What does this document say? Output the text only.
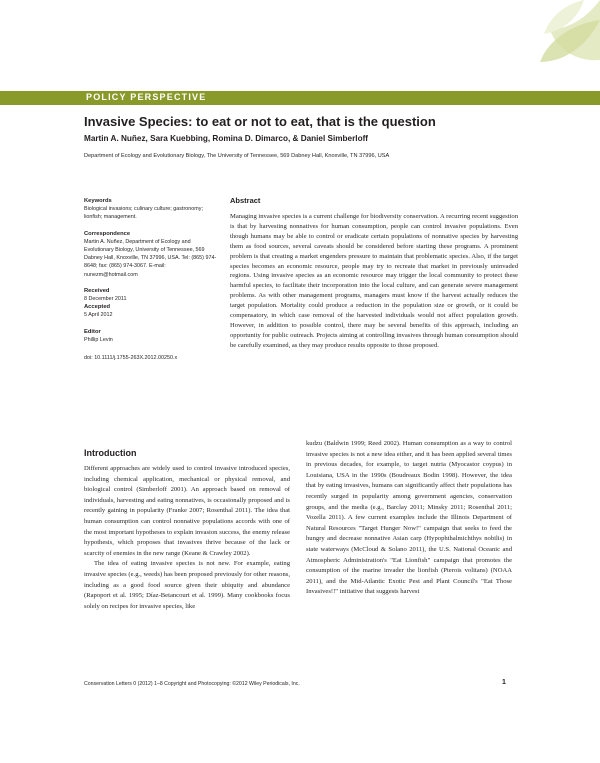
POLICY PERSPECTIVE
Invasive Species: to eat or not to eat, that is the question
Martin A. Nuñez, Sara Kuebbing, Romina D. Dimarco, & Daniel Simberloff
Department of Ecology and Evolutionary Biology, The University of Tennessee, 569 Dabney Hall, Knoxville, TN 37996, USA
Keywords
Biological invasions; culinary culture; gastronomy; lionfish; management.
Correspondence
Martin A. Nuñez, Department of Ecology and Evolutionary Biology, University of Tennessee, 569 Dabney Hall, Knoxville, TN 37996, USA. Tel: (865) 974-8648; fax: (865) 974-3067. E-mail: nunezm@hotmail.com
Received
8 December 2011
Accepted
5 April 2012
Editor
Phillip Levin
doi: 10.1111/j.1755-263X.2012.00250.x
Abstract

Managing invasive species is a current challenge for biodiversity conservation. A recurring recent suggestion is that by harvesting nonnatives for human consumption, people can control invasive populations. Even though humans may be able to control or eradicate certain populations of nonnative species by harvesting them as food sources, several caveats should be considered before starting these programs. A prominent problem is that creating a market engenders pressure to maintain that problematic species. Also, if the target species becomes an economic resource, people may try to recreate that market in previously uninvaded regions. Using invasive species as an economic resource may trigger the local community to protect these harmful species, to facilitate their incorporation into the local culture, and can generate severe management problems. As with other management programs, managers must know if the harvest actually reduces the target population. Mortality could produce a reduction in the population size or growth, or it could be compensatory, in which case removal of the harvested individuals would not affect population growth. However, in addition to possible control, there may be several benefits of this approach, including an opportunity for public outreach. Projects aiming at controlling invasives through human consumption should be carefully examined, as they may produce results opposite to those proposed.

Introduction

Different approaches are widely used to control invasive introduced species, including chemical application, mechanical or physical removal, and biological control (Simberloff 2001). An approach based on removal of individuals, harvesting and eating nonnatives, is occasionally proposed and is recently gaining in popularity (Franke 2007; Rosenthal 2011). The idea that human consumption can control nonnative populations accords with one of the most important hypotheses to explain invasion success, the enemy release hypothesis, which proposes that invasives thrive because of the lack or scarcity of enemies in the new range (Keane & Crawley 2002).

The idea of eating invasive species is not new. For example, eating invasive species (e.g., weeds) has been proposed previously for other reasons, including as a good food source given their ubiquity and abundance (Rapoport et al. 1995; Díaz-Betancourt et al. 1999). Many cookbooks focus solely on recipes for invasive species, like

kudzu (Baldwin 1999; Reed 2002). Human consumption as a way to control invasive species is not a new idea either, and it has been applied several times in previous decades, for example, to target nutria (Myocastor coypus) in Louisiana, USA in the 1990s (Boudreaux Bodin 1998). However, the idea that by eating invasives, humans can significantly affect their populations has recently surged in popularity among government agencies, conservation groups, and the media (e.g., Barclay 2011; Minsky 2011; Rosenthal 2011; Vozella 2011). A few current examples include the Illinois Department of Natural Resources "Target Hunger Now!" campaign that seeks to feed the hungry and decrease nonnative Asian carp (Hypophthalmichthys nobilis) in state waterways (McCloud & Solano 2011), the U.S. National Oceanic and Atmospheric Administration's "Eat Lionfish" campaign that promotes the consumption of the marine invader the lionfish (Pterois volitans) (NOAA 2011), and the Mid-Atlantic Exotic Pest and Plant Council's "Eat Those Invasives!!" initiative that suggests harvest

Conservation Letters 0 (2012) 1–8 Copyright and Photocopying: ©2012 Wiley Periodicals, Inc.	1
